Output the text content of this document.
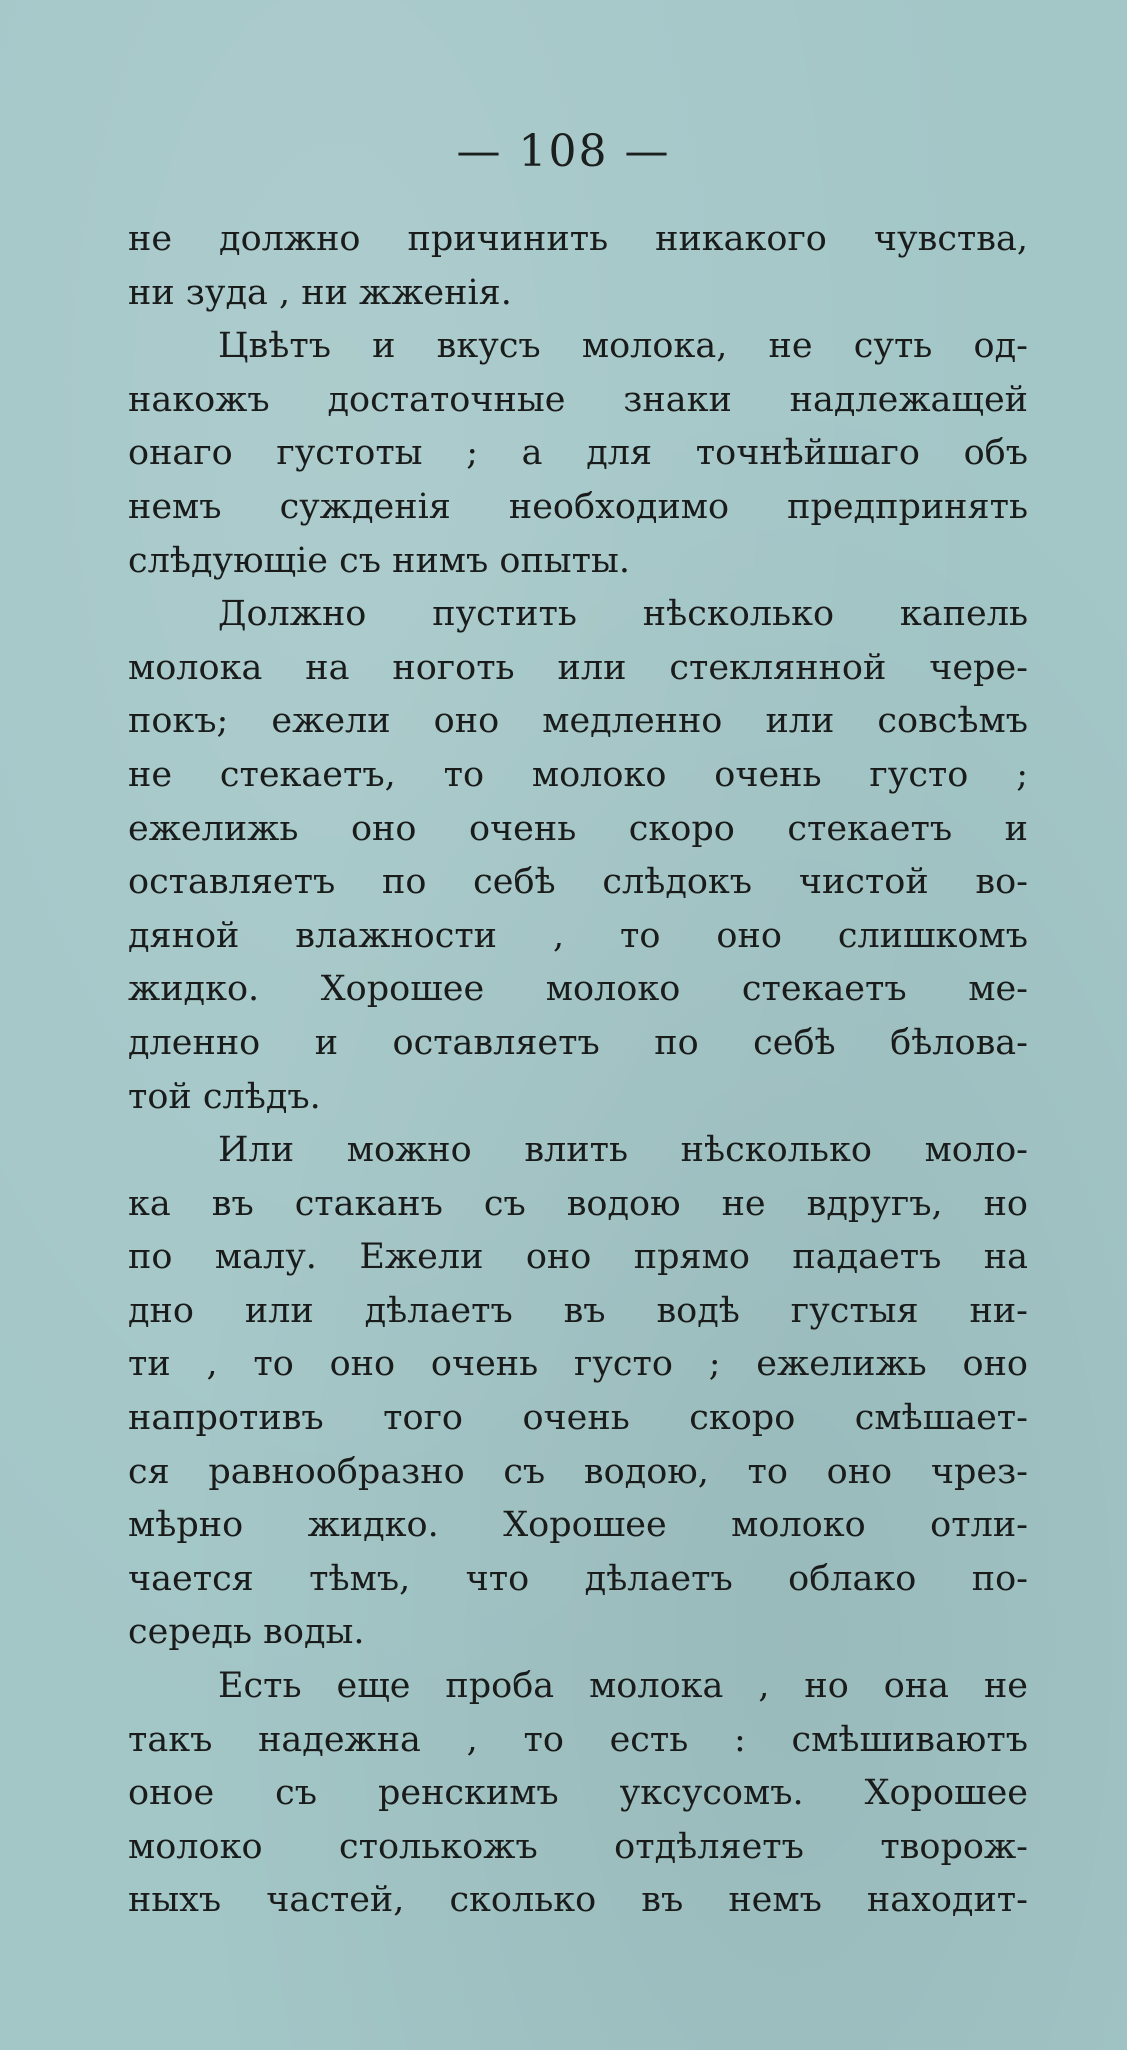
— 108 —
не должно причинить никакого чувства,
ни зуда , ни жженія.
Цвѣтъ и вкусъ молока, не суть од-
накожъ достаточные знаки надлежащей
онаго густоты ; а для точнѣйшаго объ
немъ сужденія необходимо предпринять
слѣдующіе съ нимъ опыты.
Должно пустить нѣсколько капель
молока на ноготь или стеклянной чере-
покъ; ежели оно медленно или совсѣмъ
не стекаетъ, то молоко очень густо ;
ежелижь оно очень скоро стекаетъ и
оставляетъ по себѣ слѣдокъ чистой во-
дяной влажности , то оно слишкомъ
жидко. Хорошее молоко стекаетъ ме-
дленно и оставляетъ по себѣ бѣлова-
той слѣдъ.
Или можно влить нѣсколько моло-
ка въ стаканъ съ водою не вдругъ, но
по малу. Ежели оно прямо падаетъ на
дно или дѣлаетъ въ водѣ густыя ни-
ти , то оно очень густо ; ежелижь оно
напротивъ того очень скоро смѣшает-
ся равнообразно съ водою, то оно чрез-
мѣрно жидко. Хорошее молоко отли-
чается тѣмъ, что дѣлаетъ облако по-
середь воды.
Есть еще проба молока , но она не
такъ надежна , то есть : смѣшиваютъ
оное съ ренскимъ уксусомъ. Хорошее
молоко столькожъ отдѣляетъ творож-
ныхъ частей, сколько въ немъ находит-
